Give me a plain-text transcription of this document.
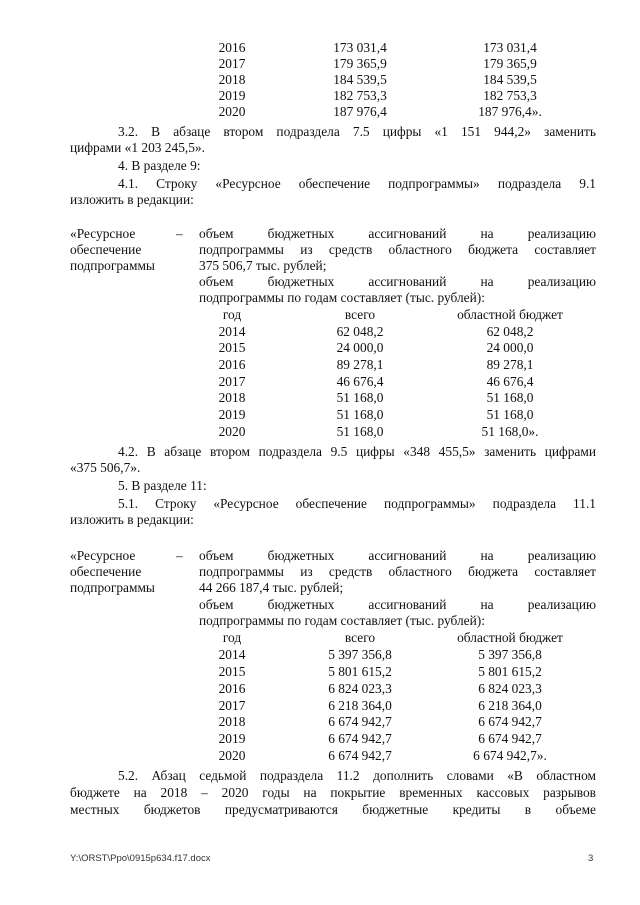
2016	173 031,4	173 031,4
2017	179 365,9	179 365,9
2018	184 539,5	184 539,5
2019	182 753,3	182 753,3
2020	187 976,4	187 976,4».
3.2. В абзаце втором подраздела 7.5 цифры «1 151 944,2» заменить
цифрами «1 203 245,5».
4. В разделе 9:
4.1. Строку «Ресурсное обеспечение подпрограммы» подраздела 9.1
изложить в редакции:
«Ресурсное	–
обеспечение
подпрограммы
объем бюджетных ассигнований на реализацию
подпрограммы из средств областного бюджета составляет
375 506,7 тыс. рублей;
объем бюджетных ассигнований на реализацию
подпрограммы по годам составляет (тыс. рублей):
год	всего	областной бюджет
2014	62 048,2	62 048,2
2015	24 000,0	24 000,0
2016	89 278,1	89 278,1
2017	46 676,4	46 676,4
2018	51 168,0	51 168,0
2019	51 168,0	51 168,0
2020	51 168,0	51 168,0».
4.2. В абзаце втором подраздела 9.5 цифры «348 455,5» заменить цифрами
«375 506,7».
5. В разделе 11:
5.1. Строку «Ресурсное обеспечение подпрограммы» подраздела 11.1
изложить в редакции:
«Ресурсное	–
обеспечение
подпрограммы
объем бюджетных ассигнований на реализацию
подпрограммы из средств областного бюджета составляет
44 266 187,4 тыс. рублей;
объем бюджетных ассигнований на реализацию
подпрограммы по годам составляет (тыс. рублей):
год	всего	областной бюджет
2014	5 397 356,8	5 397 356,8
2015	5 801 615,2	5 801 615,2
2016	6 824 023,3	6 824 023,3
2017	6 218 364,0	6 218 364,0
2018	6 674 942,7	6 674 942,7
2019	6 674 942,7	6 674 942,7
2020	6 674 942,7	6 674 942,7».
5.2. Абзац седьмой подраздела 11.2 дополнить словами «В областном
бюджете на 2018 – 2020 годы на покрытие временных кассовых разрывов
местных бюджетов предусматриваются бюджетные кредиты в объеме
Y:\ORST\Ppo\0915p634.f17.docx	3
